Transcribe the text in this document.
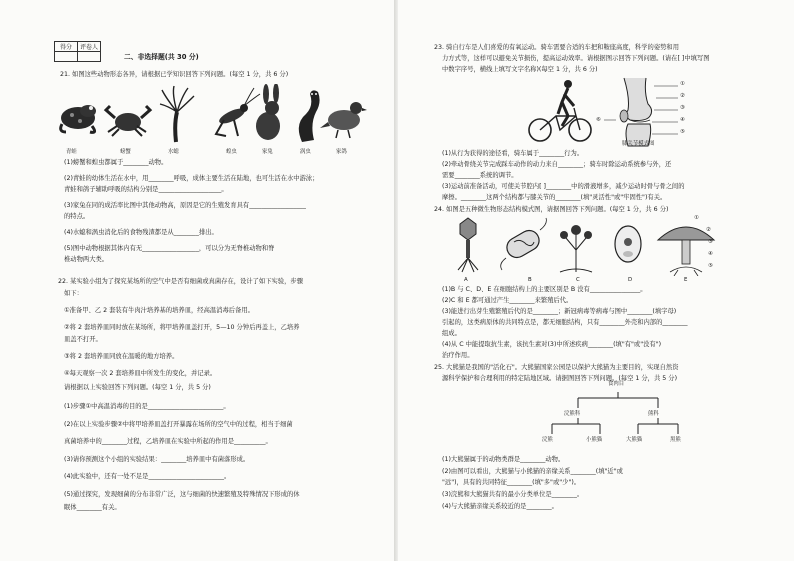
得分	评卷人

二、非选择题(共 30 分)
21. 如图这些动物形态各异，请根据已学知识回答下列问题。(每空 1 分，共 6 分)
青蛙	螃蟹	水螅	蝗虫	家兔	涡虫	家鸽
(1)螃蟹和蝗虫都属于________动物。
(2)青蛙的幼体生活在水中，用________呼吸，成体主要生活在陆地，也可生活在水中游泳；
青蛙和鸽子辅助呼吸的结构分别是____________________。
(3)家兔在同的成活率比图中其他动物高，原因是它的生殖发育具有__________________
的特点。
(4)水螅和涡虫消化后的食物残渣都是从________排出。
(5)图中动物根据其体内有无__________________，可以分为无脊椎动物和脊
椎动物两大类。
22. 某实验小组为了探究某场所的空气中是否有细菌或真菌存在，设计了如下实验，步骤
如下：
①准备甲、乙 2 套装有牛肉汁培养基的培养皿，经高温消毒后备用。
②将 2 套培养皿同时放在某场所，将甲培养皿盖打开，5—10 分钟后再盖上，乙培养
皿盖不打开。
③将 2 套培养皿同放在温暖的地方培养。
④每天观察一次 2 套培养皿中所发生的变化，并记录。
请根据以上实验回答下列问题。(每空 1 分，共 5 分)
(1)步骤①中高温消毒的目的是________________________。
(2)在以上实验步骤②中将甲培养皿盖打开暴露在场所的空气中的过程，相当于细菌
真菌培养中的________过程，乙培养皿在实验中所起的作用是__________。
(3)请你预测这个小组的实验结果：________培养皿中有菌落形成。
(4)此实验中，还有一处不足是________________________。
(5)通过探究，发现细菌的分布非常广泛，这与细菌的快速繁殖及特殊情况下形成的休
眠体________有关。
23. 骑自行车是人们喜爱的有氧运动。骑车需要合适的车把和鞍座高度，科学的姿势和用
力方式等，这样可以避免关节损伤，提高运动效率。请根据图示回答下列问题。(请在[ ]中填写图
中数字序号，横线上填写文字名称)(每空 1 分，共 6 分)
①
②
③
④
⑤
⑥
膝关节模式图
(1)从行为获得的途径看，骑车属于________行为。
(2)牵动骨绕关节完成踩车动作的动力来自________；骑车时除运动系统参与外，还
需要________系统的调节。
(3)运动前准备活动，可使关节腔内[ ]________中的滑液增多，减少运动时骨与骨之间的
摩擦。________这两个结构都与膝关节的________(填"灵活性"或"牢固性")有关。
24. 如图是五种微生物形态结构模式图，请据图回答下列问题。(每空 1 分，共 6 分)
①
②
③
④
⑤
A	B	C	D	E
(1)B 与 C、D、E 在细胞结构上的主要区别是 B 没有________________。
(2)C 和 E 都可通过产生________来繁殖后代。
(3)能进行出芽生殖繁殖后代的是________；新冠病毒等病毒与图中________(填字母)
引起的，这类病原体的共同特点是，都无细胞结构，只有________外壳和内部的________
组成。
(4)从 C 中能提取抗生素，该抗生素对(3)中所述疾病________(填"有"或"没有")
治疗作用。
25. 大熊猫是我国的"活化石"。大熊猫国家公园是以保护大熊猫为主要目的，实现自然资
源科学保护和合理利用的特定陆地区域。请据图回答下列问题。(每空 1 分，共 5 分)
食肉目
浣熊科	熊科
浣熊	小熊猫	大熊猫	黑熊
(1)大熊猫属于的动物类群是________动物。
(2)由图可以看出，大熊猫与小熊猫的亲缘关系________(填"近"或
"远")，具有的共同特征________(填"多"或"少")。
(3)浣熊和大熊猫共有的最小分类单位是________。
(4)与大熊猫亲缘关系较近的是________。
